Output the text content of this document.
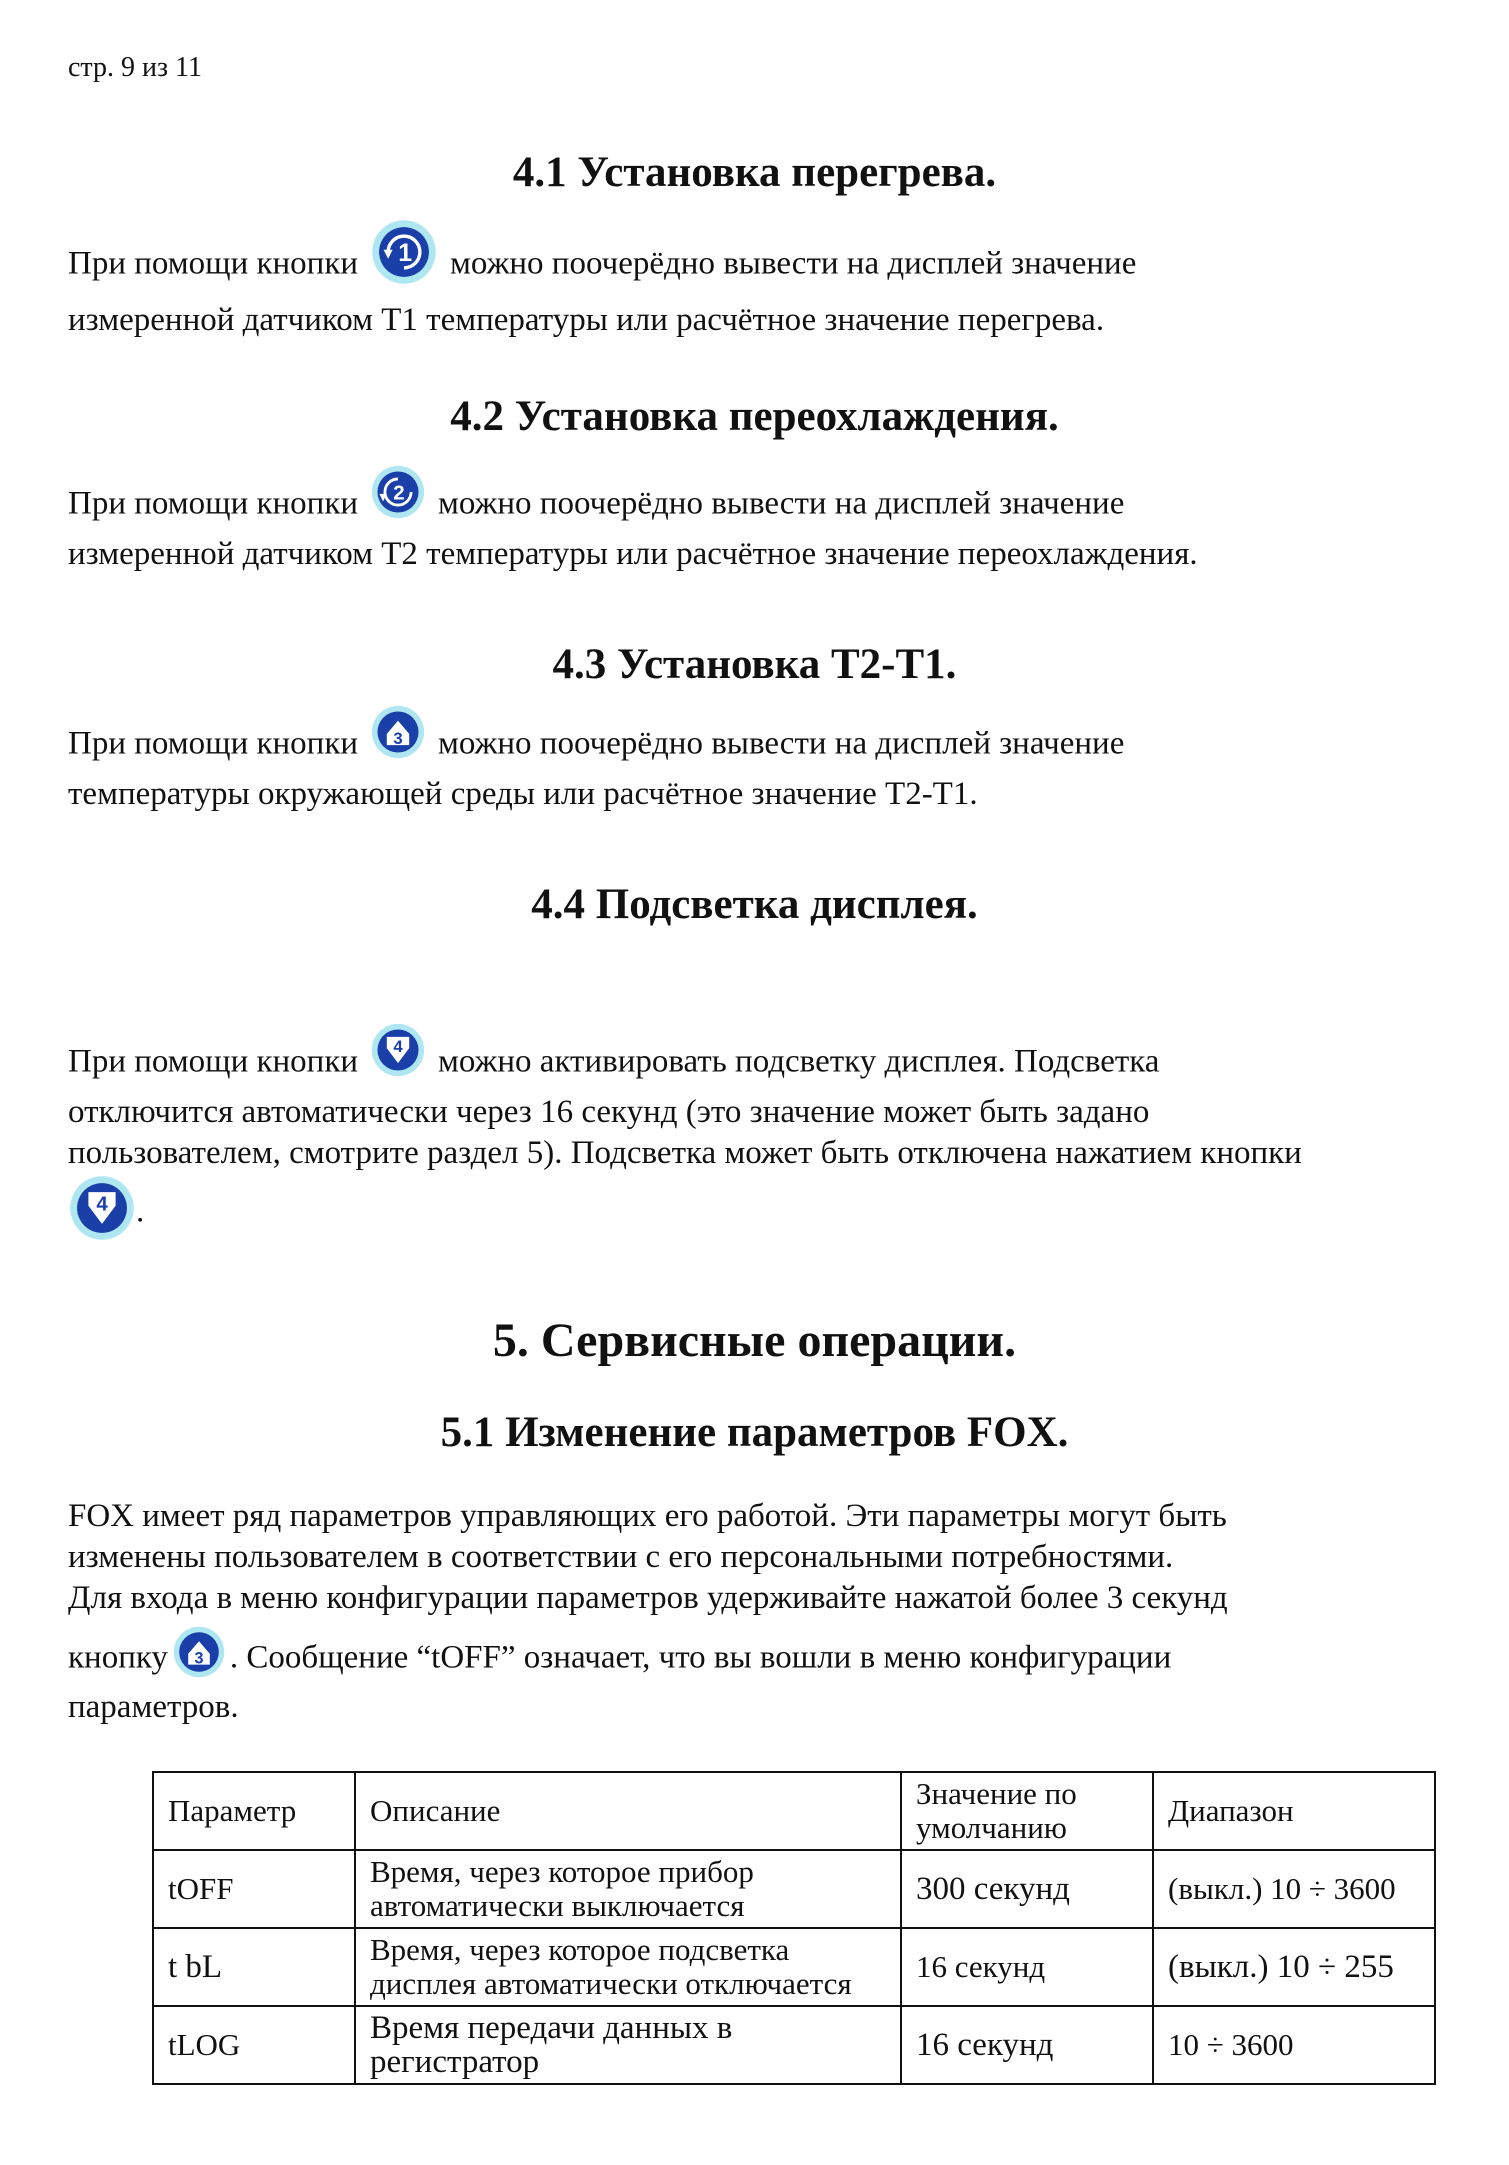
стр. 9 из 11
4.1 Установка перегрева.
При помощи кнопки	можно поочерёдно вывести на дисплей значение
измеренной датчиком Т1 температуры или расчётное значение перегрева.
4.2 Установка переохлаждения.
При помощи кнопки можно поочерёдно вывести на дисплей значение
измеренной датчиком Т2 температуры или расчётное значение переохлаждения.
4.3 Установка Т2-Т1.
При помощи кнопки можно поочерёдно вывести на дисплей значение
температуры окружающей среды или расчётное значение Т2-Т1.
4.4 Подсветка дисплея.
При помощи кнопки можно активировать подсветку дисплея. Подсветка
отключится автоматически через 16 секунд (это значение может быть задано
пользователем, смотрите раздел 5). Подсветка может быть отключена нажатием кнопки
.
5. Сервисные операции.
5.1 Изменение параметров FOX.
FOX имеет ряд параметров управляющих его работой. Эти параметры могут быть
изменены пользователем в соответствии с его персональными потребностями.
Для входа в меню конфигурации параметров удерживайте нажатой более 3 секунд
кнопку . Сообщение “tOFF” означает, что вы вошли в меню конфигурации
параметров.
Параметр	Описание	Значение по умолчанию	Диапазон
tOFF	Время, через которое прибор автоматически выключается	300 секунд	(выкл.) 10 ÷ 3600
t bL	Время, через которое подсветка дисплея автоматически отключается	16 секунд	(выкл.) 10 ÷ 255
tLOG	Время передачи данных в регистратор	16 секунд	10 ÷ 3600
